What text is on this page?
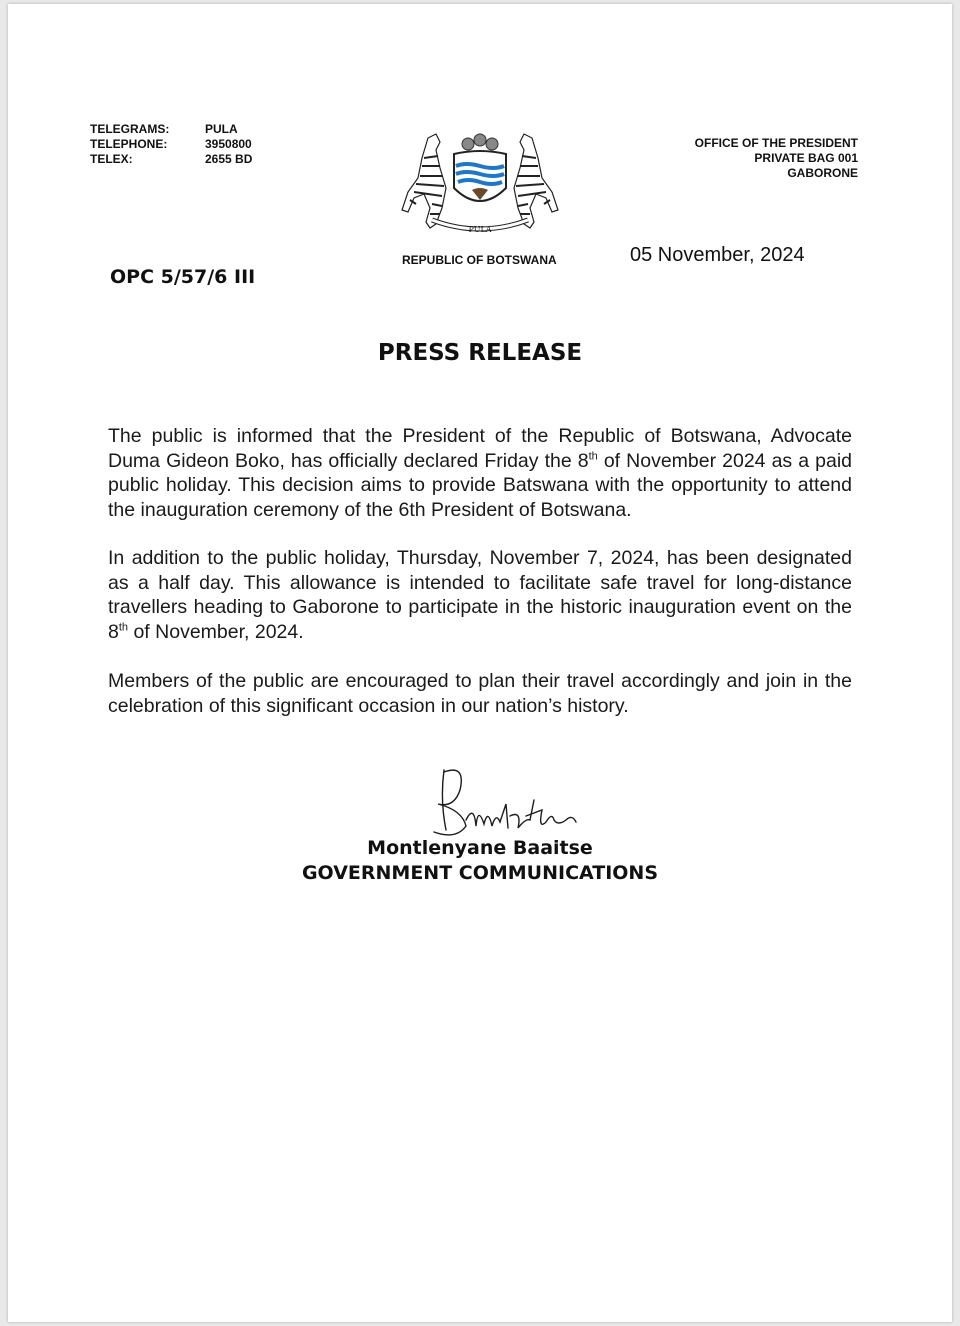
TELEGRAMS:	PULA
TELEPHONE:	3950800
TELEX:	2655 BD
OFFICE OF THE PRESIDENT
PRIVATE BAG 001
GABORONE
PULA
REPUBLIC OF BOTSWANA	05 November, 2024
OPC 5/57/6 III
PRESS RELEASE
The public is informed that the President of the Republic of Botswana, Advocate Duma Gideon Boko, has officially declared Friday the 8th of November 2024 as a paid public holiday. This decision aims to provide Batswana with the opportunity to attend the inauguration ceremony of the 6th President of Botswana.
In addition to the public holiday, Thursday, November 7, 2024, has been designated as a half day. This allowance is intended to facilitate safe travel for long-distance travellers heading to Gaborone to participate in the historic inauguration event on the 8th of November, 2024.
Members of the public are encouraged to plan their travel accordingly and join in the celebration of this significant occasion in our nation’s history.
Montlenyane Baaitse
GOVERNMENT COMMUNICATIONS
